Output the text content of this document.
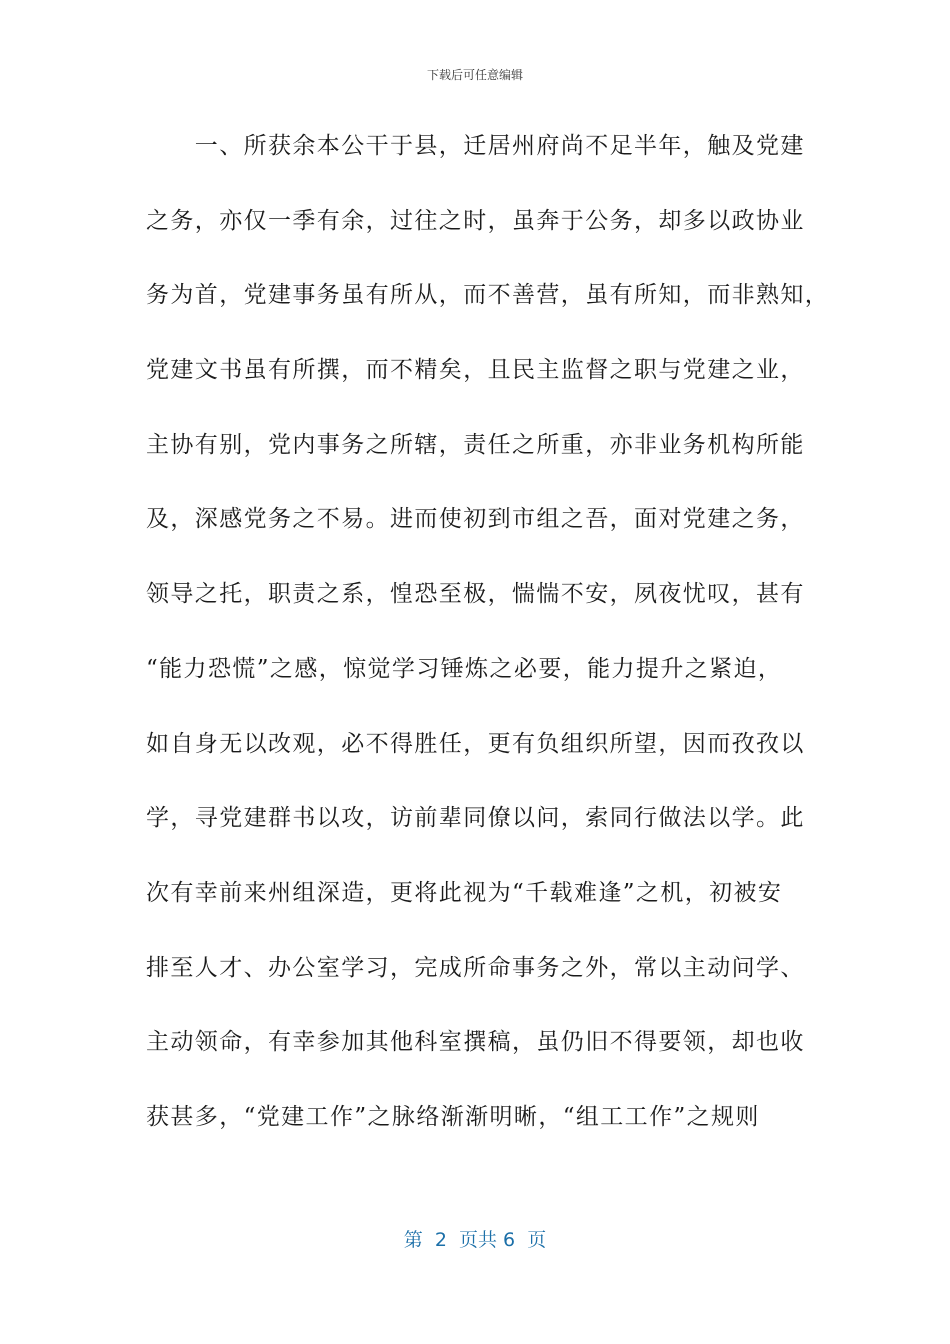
下载后可任意编辑
　　一、所获余本公干于县，迁居州府尚不足半年，触及党建
之务，亦仅一季有余，过往之时，虽奔于公务，却多以政协业
务为首，党建事务虽有所从，而不善营，虽有所知，而非熟知，
党建文书虽有所撰，而不精矣，且民主监督之职与党建之业，
主协有别，党内事务之所辖，责任之所重，亦非业务机构所能
及，深感党务之不易。进而使初到市组之吾，面对党建之务，
领导之托，职责之系，惶恐至极，惴惴不安，夙夜忧叹，甚有
“能力恐慌”之感，惊觉学习锤炼之必要，能力提升之紧迫，
如自身无以改观，必不得胜任，更有负组织所望，因而孜孜以
学，寻党建群书以攻，访前辈同僚以问，索同行做法以学。此
次有幸前来州组深造，更将此视为“千载难逢”之机，初被安
排至人才、办公室学习，完成所命事务之外，常以主动问学、
主动领命，有幸参加其他科室撰稿，虽仍旧不得要领，却也收
获甚多，“党建工作”之脉络渐渐明晰，“组工工作”之规则
第  2  页共 6  页
